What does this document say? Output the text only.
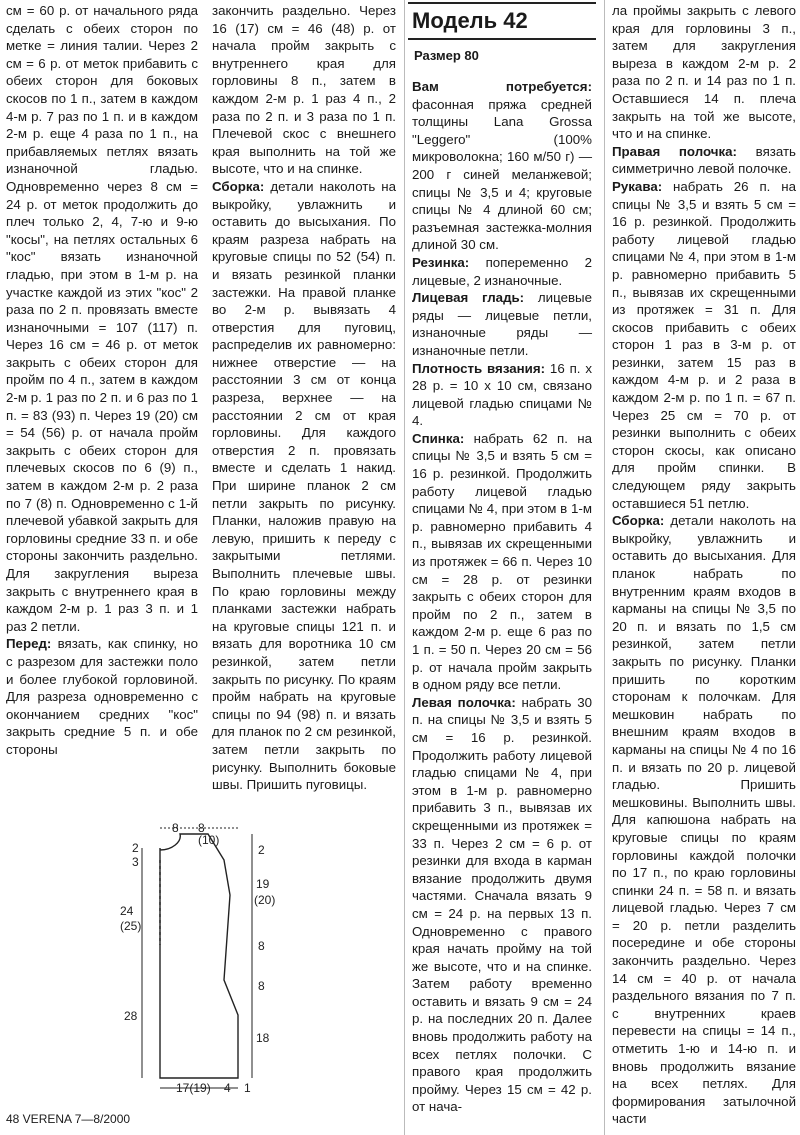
см = 60 р. от начального ряда сделать с обеих сторон по метке = линия талии. Через 2 см = 6 р. от меток прибавить с обеих сторон для боковых скосов по 1 п., затем в каждом 4-м р. 7 раз по 1 п. и в каждом 2-м р. еще 4 раза по 1 п., на прибавляемых петлях вязать изнаночной гладью. Одновременно через 8 см = 24 р. от меток продолжить до плеч только 2, 4, 7-ю и 9-ю "косы", на петлях остальных 6 "кос" вязать изнаночной гладью, при этом в 1-м р. на участке каждой из этих "кос" 2 раза по 2 п. провязать вместе изнаночными = 107 (117) п. Через 16 см = 46 р. от меток закрыть с обеих сторон для пройм по 4 п., затем в каждом 2-м р. 1 раз по 2 п. и 6 раз по 1 п. = 83 (93) п. Через 19 (20) см = 54 (56) р. от начала пройм закрыть с обеих сторон для плечевых скосов по 6 (9) п., затем в каждом 2-м р. 2 раза по 7 (8) п. Одновременно с 1-й плечевой убавкой закрыть для горловины средние 33 п. и обе стороны закончить раздельно. Для закругления выреза закрыть с внутреннего края в каждом 2-м р. 1 раз 3 п. и 1 раз 2 петли.

Перед: вязать, как спинку, но с разрезом для застежки поло и более глубокой горловиной. Для разреза одновременно с окончанием средних "кос" закрыть средние 5 п. и обе стороны

закончить раздельно. Через 16 (17) см = 46 (48) р. от начала пройм закрыть с внутреннего края для горловины 8 п., затем в каждом 2-м р. 1 раз 4 п., 2 раза по 2 п. и 3 раза по 1 п. Плечевой скос с внешнего края выполнить на той же высоте, что и на спинке.

Сборка: детали наколоть на выкройку, увлажнить и оставить до высыхания. По краям разреза набрать на круговые спицы по 52 (54) п. и вязать резинкой планки застежки. На правой планке во 2-м р. вывязать 4 отверстия для пуговиц, распределив их равномерно: нижнее отверстие — на расстоянии 3 см от конца разреза, верхнее — на расстоянии 2 см от края горловины. Для каждого отверстия 2 п. провязать вместе и сделать 1 накид. При ширине планок 2 см петли закрыть по рисунку. Планки, наложив правую на левую, пришить к переду с закрытыми петлями. Выполнить плечевые швы. По краю горловины между планками застежки набрать на круговые спицы 121 п. и вязать для воротника 10 см резинкой, затем петли закрыть по рисунку. По краям пройм набрать на круговые спицы по 94 (98) п. и вязать для планок по 2 см резинкой, затем петли закрыть по рисунку. Выполнить боковые швы. Пришить пуговицы.

Модель 42
Размер 80

Вам потребуется: фасонная пряжа средней толщины Lana Grossa "Leggero" (100% микроволокна; 160 м/50 г) — 200 г синей меланжевой; спицы № 3,5 и 4; круговые спицы № 4 длиной 60 см; разъемная застежка-молния длиной 30 см.

Резинка: попеременно 2 лицевые, 2 изнаночные.

Лицевая гладь: лицевые ряды — лицевые петли, изнаночные ряды — изнаночные петли.

Плотность вязания: 16 п. x 28 р. = 10 x 10 см, связано лицевой гладью спицами № 4.

Спинка: набрать 62 п. на спицы № 3,5 и взять 5 см = 16 р. резинкой. Продолжить работу лицевой гладью спицами № 4, при этом в 1-м р. равномерно прибавить 4 п., вывязав их скрещенными из протяжек = 66 п. Через 10 см = 28 р. от резинки закрыть с обеих сторон для пройм по 2 п., затем в каждом 2-м р. еще 6 раз по 1 п. = 50 п. Через 20 см = 56 р. от начала пройм закрыть в одном ряду все петли.

Левая полочка: набрать 30 п. на спицы № 3,5 и взять 5 см = 16 р. резинкой. Продолжить работу лицевой гладью спицами № 4, при этом в 1-м р. равномерно прибавить 3 п., вывязав их скрещенными из протяжек = 33 п. Через 2 см = 6 р. от резинки для входа в карман вязание продолжить двумя частями. Сначала вязать 9 см = 24 р. на первых 13 п. Одновременно с правого края начать пройму на той же высоте, что и на спинке. Затем работу временно оставить и вязать 9 см = 24 р. на последних 20 п. Далее вновь продолжить работу на всех петлях полочки. С правого края продолжить пройму. Через 15 см = 42 р. от нача-

ла проймы закрыть с левого края для горловины 3 п., затем для закругления выреза в каждом 2-м р. 2 раза по 2 п. и 14 раз по 1 п. Оставшиеся 14 п. плеча закрыть на той же высоте, что и на спинке.

Правая полочка: вязать симметрично левой полочке.

Рукава: набрать 26 п. на спицы № 3,5 и взять 5 см = 16 р. резинкой. Продолжить работу лицевой гладью спицами № 4, при этом в 1-м р. равномерно прибавить 5 п., вывязав их скрещенными из протяжек = 31 п. Для скосов прибавить с обеих сторон 1 раз в 3-м р. от резинки, затем 15 раз в каждом 4-м р. и 2 раза в каждом 2-м р. по 1 п. = 67 п. Через 25 см = 70 р. от резинки выполнить с обеих сторон скосы, как описано для пройм спинки. В следующем ряду закрыть оставшиеся 51 петлю.

Сборка: детали наколоть на выкройку, увлажнить и оставить до высыхания. Для планок набрать по внутренним краям входов в карманы на спицы № 3,5 по 20 п. и вязать по 1,5 см резинкой, затем петли закрыть по рисунку. Планки пришить по коротким сторонам к полочкам. Для мешковин набрать по внешним краям входов в карманы на спицы № 4 по 16 п. и вязать по 20 р. лицевой гладью. Пришить мешковины. Выполнить швы. Для капюшона набрать на круговые спицы по краям горловины каждой полочки по 17 п., по краю горловины спинки 24 п. = 58 п. и вязать лицевой гладью. Через 7 см = 20 р. петли разделить посередине и обе стороны закончить раздельно. Через 14 см = 40 р. от начала раздельного вязания по 7 п. с внутренних краев перевести на спицы = 14 п., отметить 1-ю и 14-ю п. и вновь продолжить вязание на всех петлях. Для формирования затылочной части

8 8
(10)
2
3
24
(25)
28
2
19
(20)
8
8
18
17(19) 4 1
48 VERENA 7—8/2000
